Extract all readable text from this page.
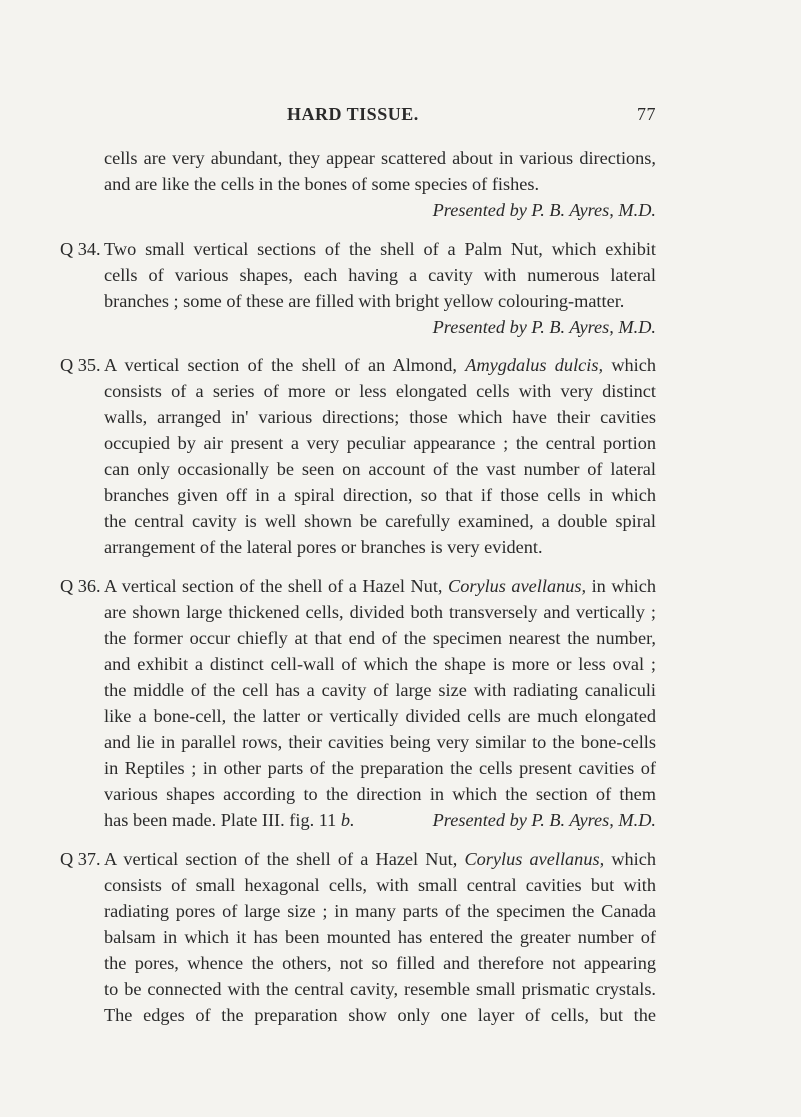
HARD TISSUE.	77
cells are very abundant, they appear scattered about in various directions,
and are like the cells in the bones of some species of fishes.
Presented by P. B. Ayres, M.D.
Q 34. Two small vertical sections of the shell of a Palm Nut, which exhibit
cells of various shapes, each having a cavity with numerous lateral
branches ; some of these are filled with bright yellow colouring-matter.
Presented by P. B. Ayres, M.D.
Q 35. A vertical section of the shell of an Almond, Amygdalus dulcis, which
consists of a series of more or less elongated cells with very distinct
walls, arranged in' various directions; those which have their cavities
occupied by air present a very peculiar appearance ; the central portion
can only occasionally be seen on account of the vast number of lateral
branches given off in a spiral direction, so that if those cells in which
the central cavity is well shown be carefully examined, a double spiral
arrangement of the lateral pores or branches is very evident.
Q 36. A vertical section of the shell of a Hazel Nut, Corylus avellanus, in which
are shown large thickened cells, divided both transversely and vertically ;
the former occur chiefly at that end of the specimen nearest the number,
and exhibit a distinct cell-wall of which the shape is more or less oval ;
the middle of the cell has a cavity of large size with radiating canaliculi
like a bone-cell, the latter or vertically divided cells are much elongated
and lie in parallel rows, their cavities being very similar to the bone-cells
in Reptiles ; in other parts of the preparation the cells present cavities of
various shapes according to the direction in which the section of them
has been made. Plate III. fig. 11 b.	Presented by P. B. Ayres, M.D.
Q 37. A vertical section of the shell of a Hazel Nut, Corylus avellanus, which
consists of small hexagonal cells, with small central cavities but with
radiating pores of large size ; in many parts of the specimen the Canada
balsam in which it has been mounted has entered the greater number of
the pores, whence the others, not so filled and therefore not appearing
to be connected with the central cavity, resemble small prismatic crystals.
The edges of the preparation show only one layer of cells, but the
